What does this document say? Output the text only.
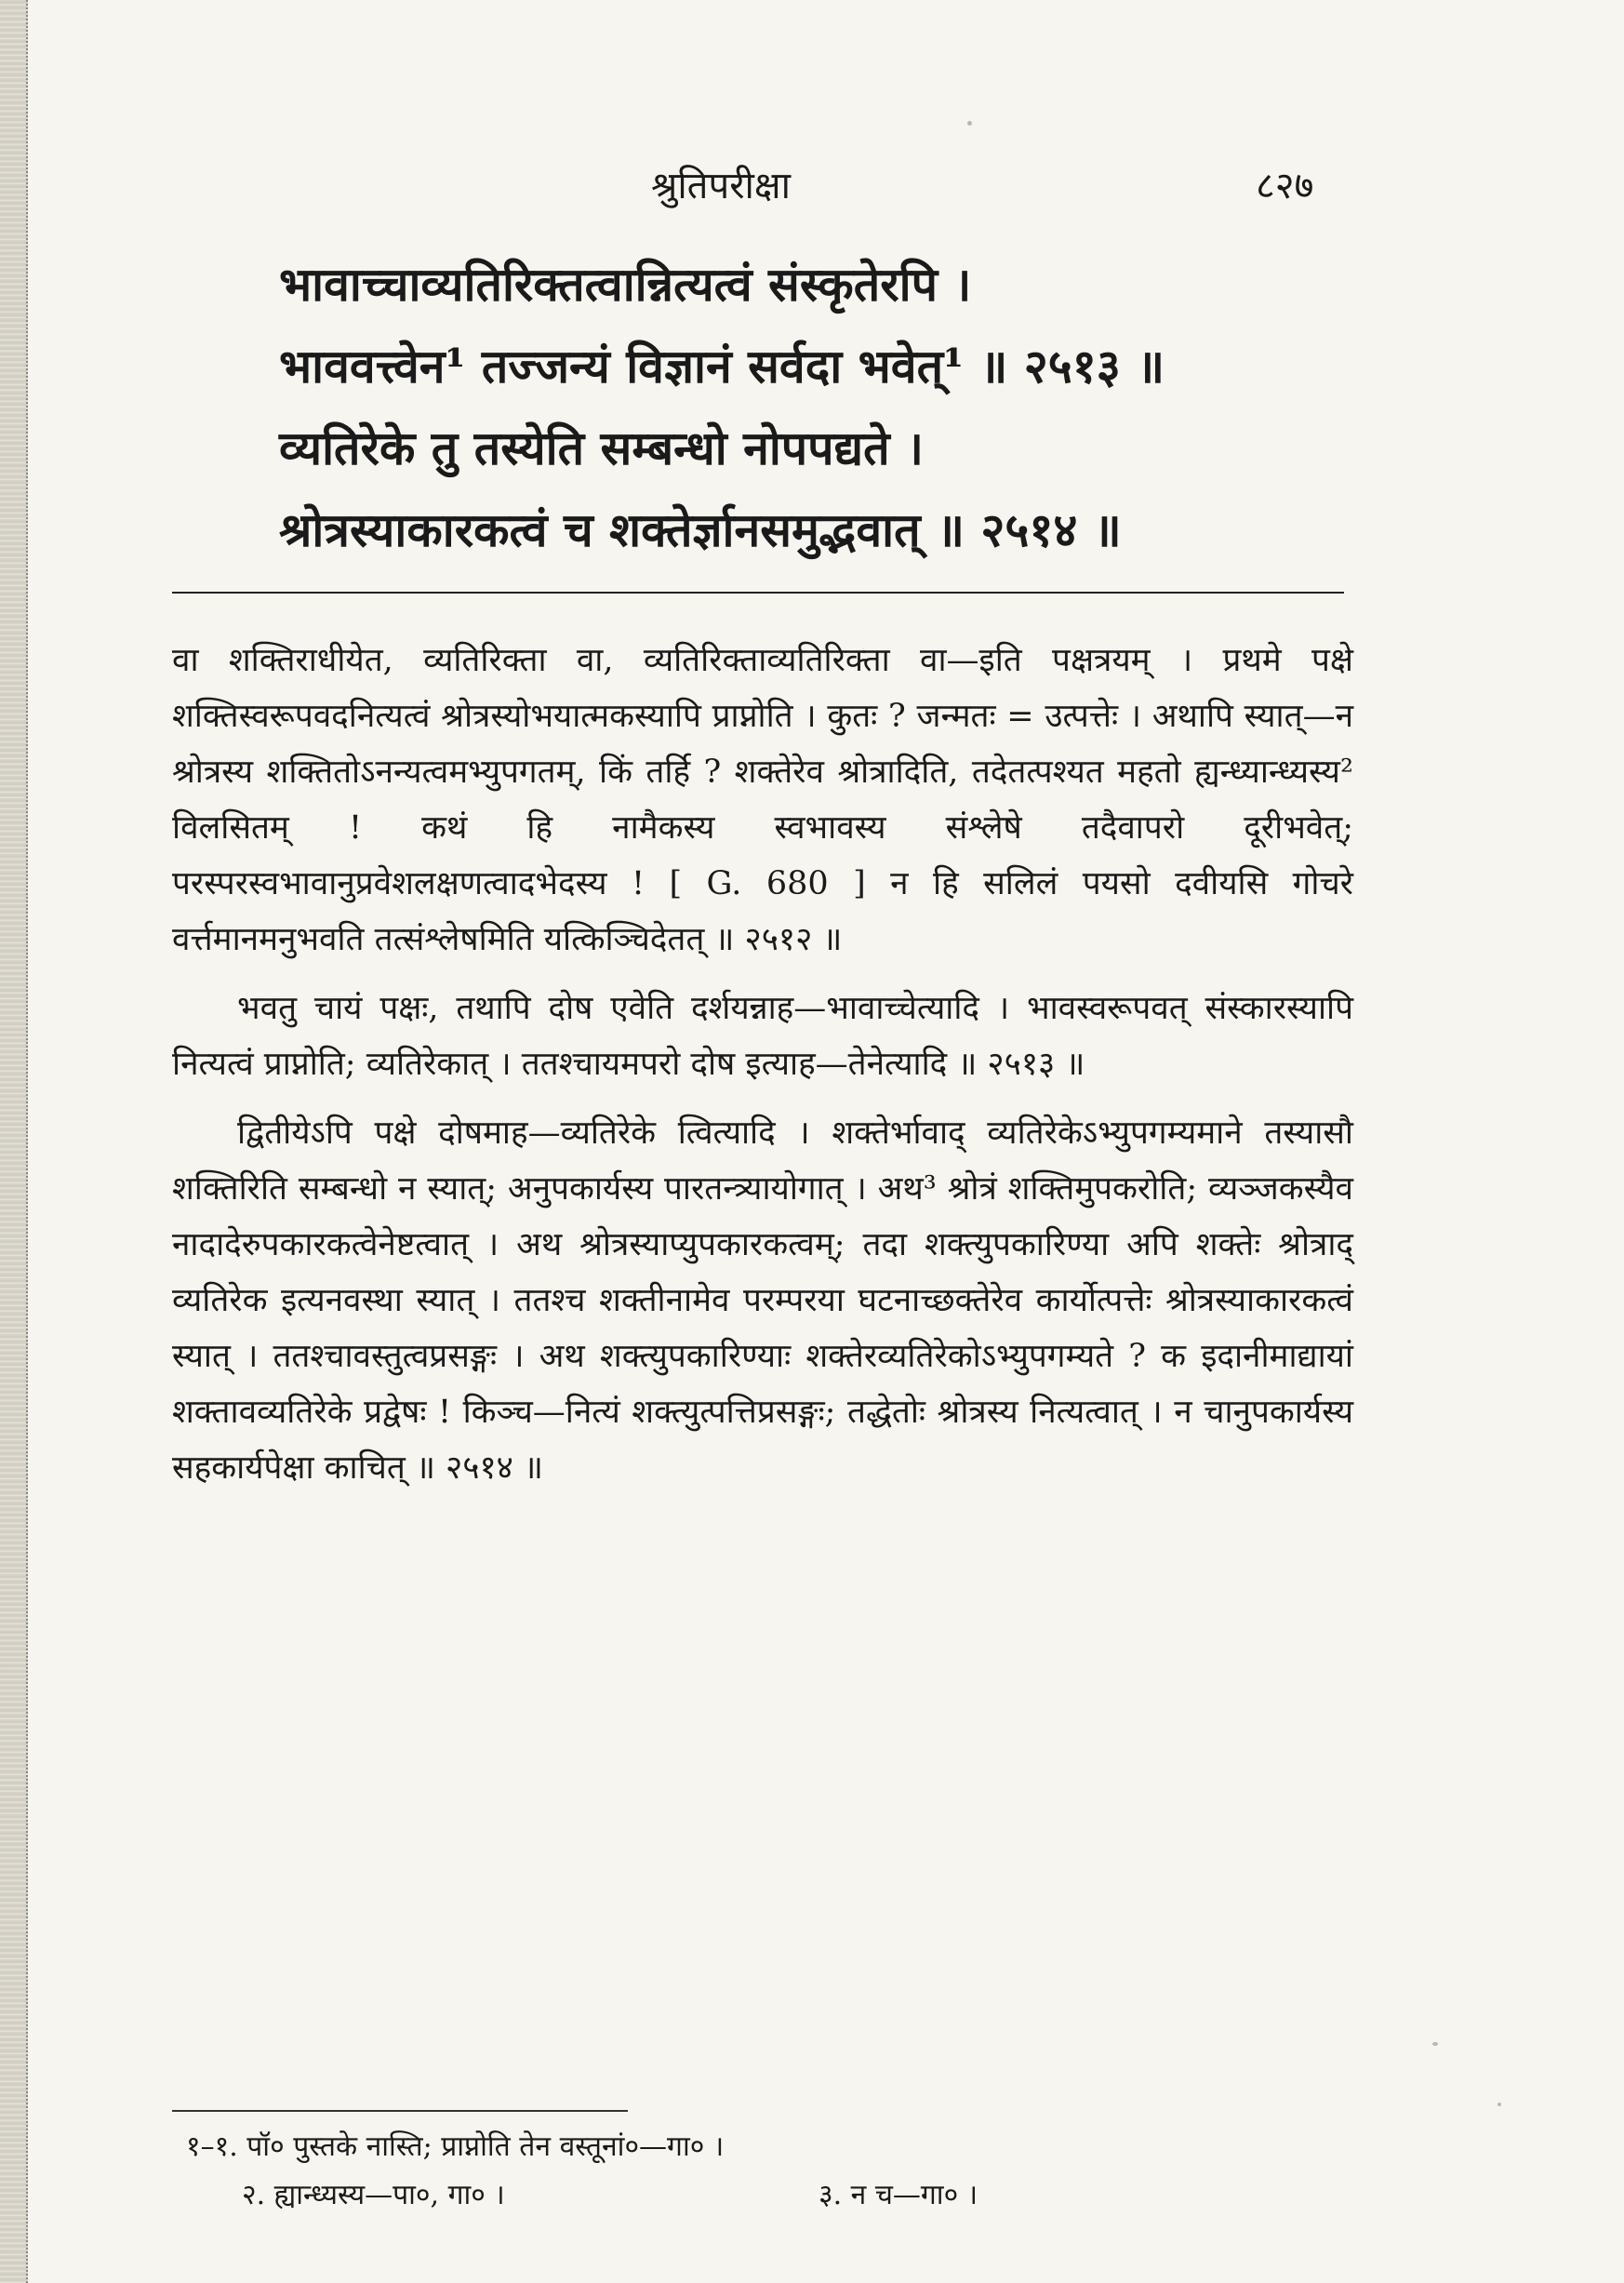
श्रुतिपरीक्षा	८२७
भावाच्चाव्यतिरिक्तत्वान्नित्यत्वं संस्कृतेरपि ।
भाववत्त्वेन¹ तज्जन्यं विज्ञानं सर्वदा भवेत्¹ ॥ २५१३ ॥
व्यतिरेके तु तस्येति सम्बन्धो नोपपद्यते ।
श्रोत्रस्याकारकत्वं च शक्तेर्ज्ञानसमुद्भवात् ॥ २५१४ ॥

वा शक्तिराधीयेत, व्यतिरिक्ता वा, व्यतिरिक्ताव्यतिरिक्ता वा—इति पक्षत्रयम् । प्रथमे पक्षे शक्तिस्वरूपवदनित्यत्वं श्रोत्रस्योभयात्मकस्यापि प्राप्नोति । कुतः ? जन्मतः = उत्पत्तेः । अथापि स्यात्—न श्रोत्रस्य शक्तितोऽनन्यत्वमभ्युपगतम्, किं तर्हि ? शक्तेरेव श्रोत्रादिति, तदेतत्पश्यत महतो ह्यन्ध्यान्ध्यस्य² विलसितम् ! कथं हि नामैकस्य स्वभावस्य संश्लेषे तदैवापरो दूरीभवेत्; परस्परस्वभावानुप्रवेशलक्षणत्वादभेदस्य ! [ G. 680 ] न हि सलिलं पयसो दवीयसि गोचरे वर्त्तमानमनुभवति तत्संश्लेषमिति यत्किञ्चिदेतत् ॥ २५१२ ॥

भवतु चायं पक्षः, तथापि दोष एवेति दर्शयन्नाह—भावाच्चेत्यादि । भावस्वरूपवत् संस्कारस्यापि नित्यत्वं प्राप्नोति; व्यतिरेकात् । ततश्चायमपरो दोष इत्याह—तेनेत्यादि ॥ २५१३ ॥

द्वितीयेऽपि पक्षे दोषमाह—व्यतिरेके त्वित्यादि । शक्तेर्भावाद् व्यतिरेकेऽभ्युपगम्यमाने तस्यासौ शक्तिरिति सम्बन्धो न स्यात्; अनुपकार्यस्य पारतन्त्र्यायोगात् । अथ³ श्रोत्रं शक्तिमुपकरोति; व्यञ्जकस्यैव नादादेरुपकारकत्वेनेष्टत्वात् । अथ श्रोत्रस्याप्युपकारकत्वम्; तदा शक्त्युपकारिण्या अपि शक्तेः श्रोत्राद् व्यतिरेक इत्यनवस्था स्यात् । ततश्च शक्तीनामेव परम्परया घटनाच्छक्तेरेव कार्योत्पत्तेः श्रोत्रस्याकारकत्वं स्यात् । ततश्चावस्तुत्वप्रसङ्गः । अथ शक्त्युपकारिण्याः शक्तेरव्यतिरेकोऽभ्युपगम्यते ? क इदानीमाद्यायां शक्तावव्यतिरेके प्रद्वेषः ! किञ्च—नित्यं शक्त्युत्पत्तिप्रसङ्गः; तद्धेतोः श्रोत्रस्य नित्यत्वात् । न चानुपकार्यस्य सहकार्यपेक्षा काचित् ॥ २५१४ ॥

१–१. पॉ० पुस्तके नास्ति; प्राप्नोति तेन वस्तूनां०—गा० ।
२. ह्यान्ध्यस्य—पा०, गा० ।	३. न च—गा० ।
